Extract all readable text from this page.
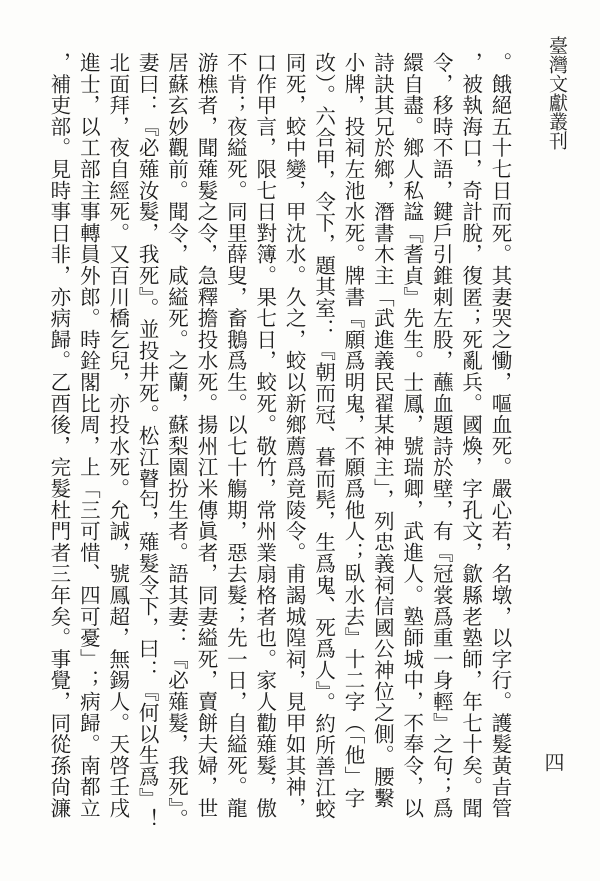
臺灣文獻叢刊
四

。餓絕五十七日而死。其妻哭之慟，嘔血死。嚴心若，名墩，以字行。護髮黃㫖管

，被執海口，奇計脫，復匿；死亂兵。國煥，字孔文，歙縣老塾師，年七十矣。聞

令，移時不語，鍵戶引錐刺左股，蘸血題詩於壁，有『冠裳爲重一身輕』之句；爲

繯自盡。鄉人私諡『耆貞』先生。士鳳，號瑞卿，武進人。塾師城中，不奉令，以

詩訣其兄於鄉，潛書木主「武進義民翟某神主」，列忠義祠信國公神位之側。腰繫

小牌，投祠左池水死。牌書『願爲明鬼，不願爲他人；臥水去』十二字（「他」字

改）。六合甲，令下，題其室：『朝而冠、暮而髡，生爲鬼、死爲人』。約所善江蛟

同死，蛟中變，甲沈水。久之，蛟以新鄉薦爲竟陵令。甫謁城隍祠，見甲如其神，

口作甲言，限七日對簿。果七日，蛟死。敬竹，常州業扇格者也。家人勸薙髮，傲

不肯；夜縊死。同里薛叟，畜鵝爲生。以七十觴期，惡去髮；先一日，自縊死。龍

游樵者，聞薙髮之令，急釋擔投水死。揚州江米傳眞者，同妻縊死，賣餅夫婦，世

居蘇玄妙觀前。聞令，咸縊死。之蘭，蘇梨園扮生者。語其妻：『必薙髮，我死』。

妻曰：『必薙汝髮，我死』。並投井死。松江瞽匄，薙髮令下，曰：『何以生爲』！

北面拜，夜自經死。又百川橋乞兒，亦投水死。允誠，號鳳超，無錫人。天啓壬戌

進士，以工部主事轉員外郎。時銓閣比周，上「三可惜、四可憂」；病歸。南都立

，補吏部。見時事日非，亦病歸。乙酉後，完髮杜門者三年矣。事覺，同從孫尙濂
